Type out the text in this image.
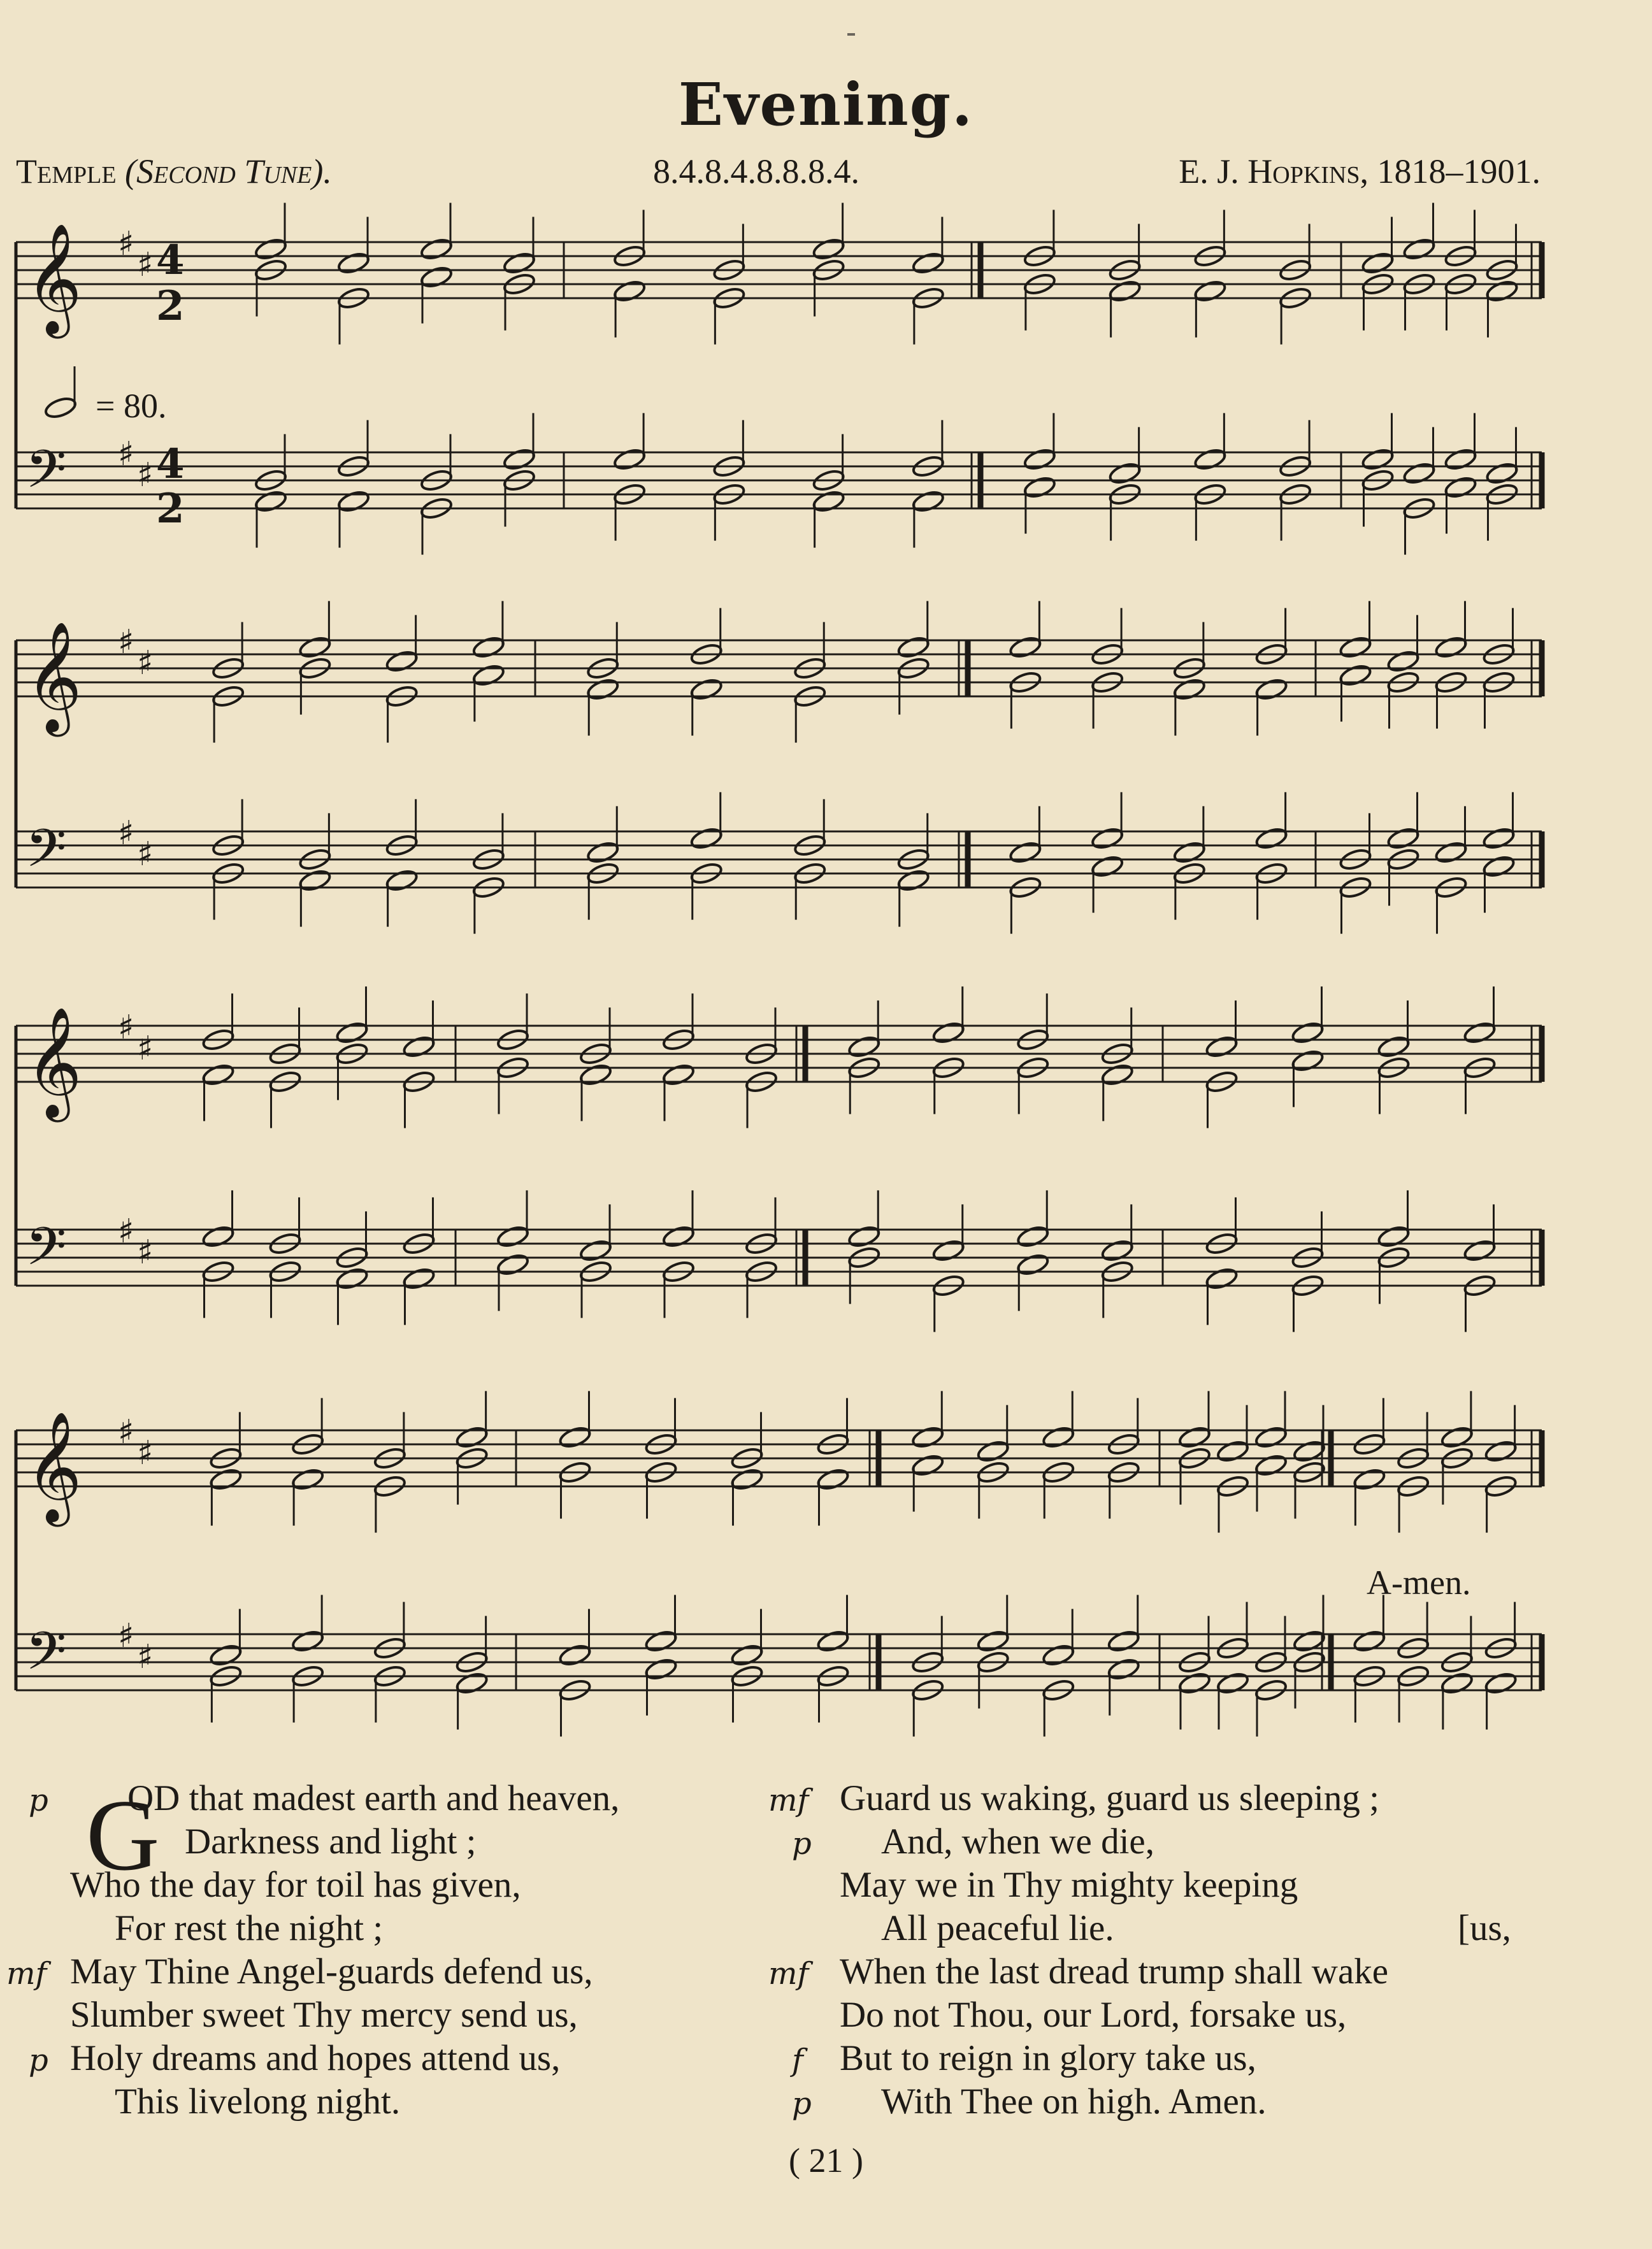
Evening.
Temple (Second Tune).	8.4.8.4.8.8.8.4.	E. J. Hopkins, 1818–1901.
𝄞 ♯
♯
𝄢 ♯
♯
𝄞 ♯
♯
𝄢 ♯
♯
𝄞 ♯
♯
𝄢 ♯
♯
𝄞 ♯
♯
𝄢 ♯
♯
= 80.
A-men.
4
2
4
2
G
p OD that madest earth and heaven,
Darkness and light ;
Who the day for toil has given,
For rest the night ;
mf May Thine Angel-guards defend us,
Slumber sweet Thy mercy send us,
p Holy dreams and hopes attend us,
This livelong night.
mf Guard us waking, guard us sleeping ;
p And, when we die,
May we in Thy mighty keeping
All peaceful lie.	[us,
mf When the last dread trump shall wake
Do not Thou, our Lord, forsake us,
f But to reign in glory take us,
p With Thee on high. Amen.
( 21 )
